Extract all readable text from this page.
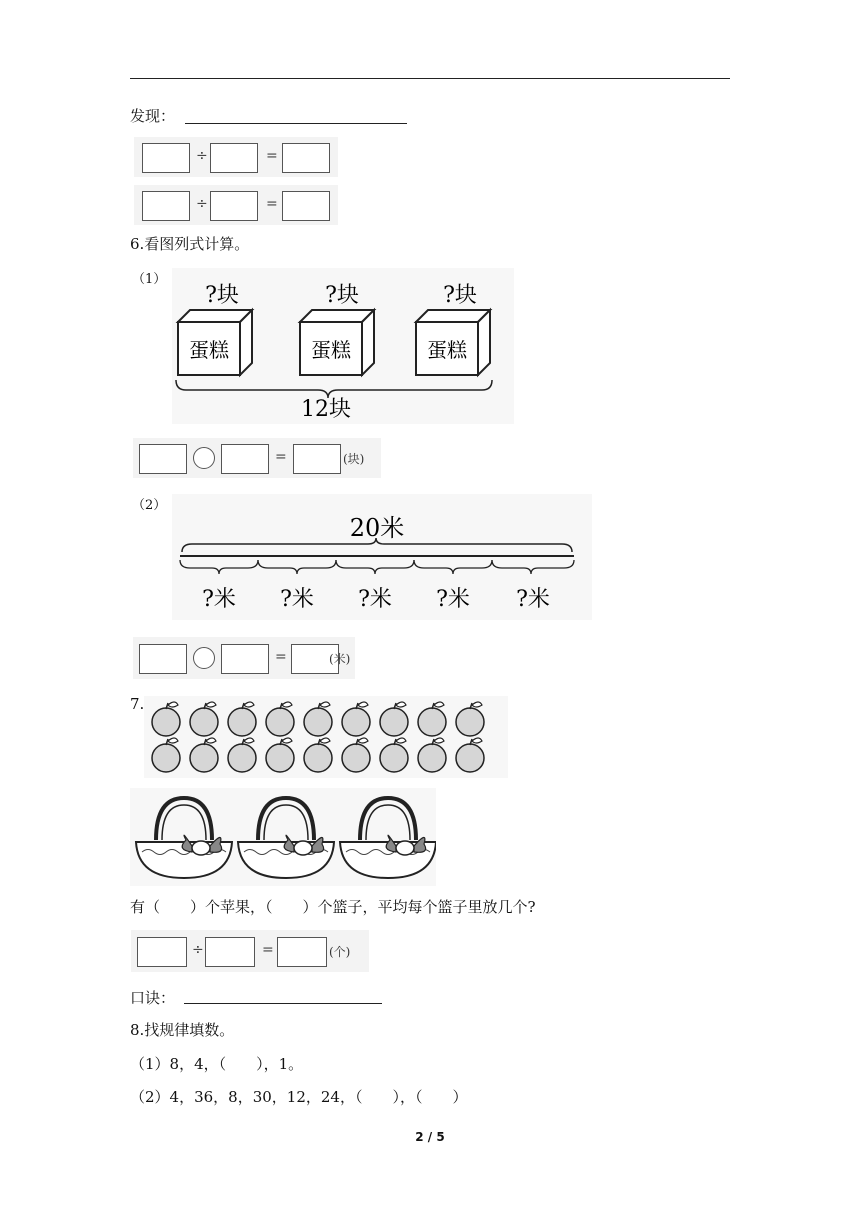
发现：
÷	=
÷	=
6.看图列式计算。
（1）
?块	?块	?块
蛋糕	蛋糕	蛋糕
12块
=	(块)
（2）
20米
?米 ?米 ?米 ?米 ?米
=	(米)
7.
有（　　）个苹果，（　　）个篮子，平均每个篮子里放几个?
÷	=	(个)
口诀：
8.找规律填数。
（1）8，4，（　　），1。
（2）4，36，8，30，12，24，（　　），（　　）
2 / 5
